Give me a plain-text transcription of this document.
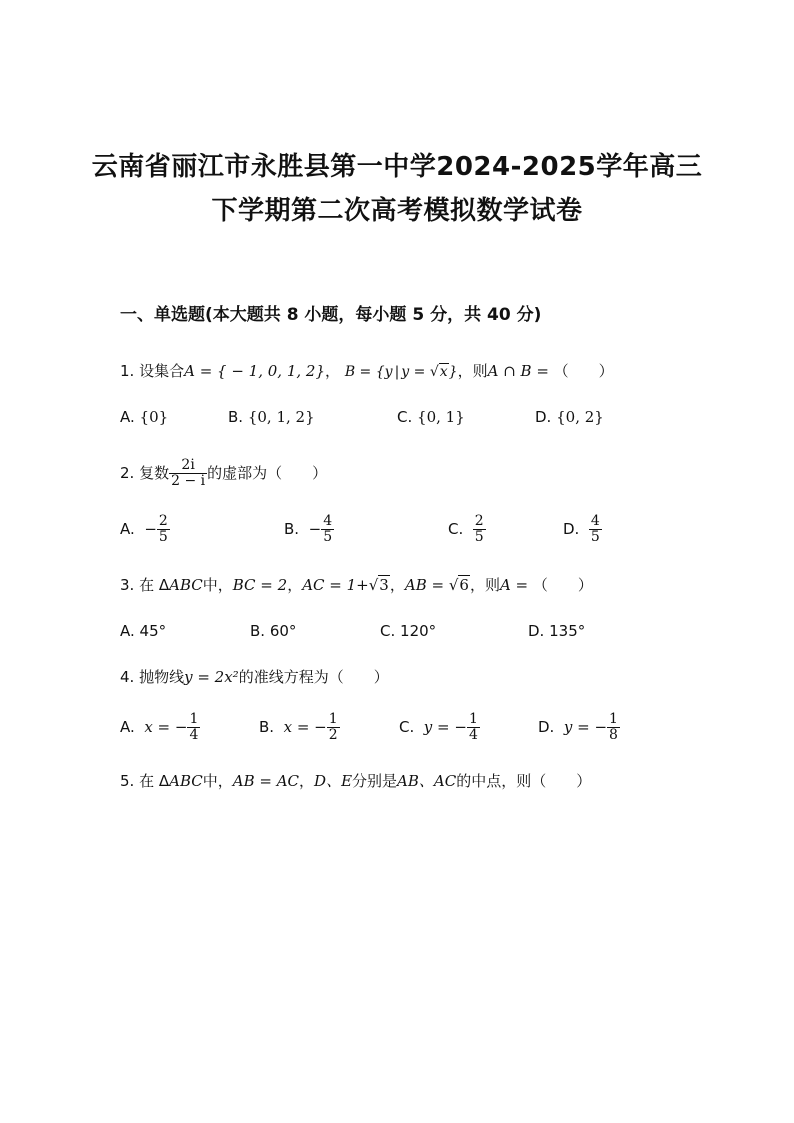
云南省丽江市永胜县第一中学2024-2025学年高三
下学期第二次高考模拟数学试卷
一、单选题(本大题共 8 小题，每小题 5 分，共 40 分)
1. 设集合A = { − 1, 0, 1, 2}， B = {y | y = √x}，则A ∩ B = （　　）
A. {0}	B. {0, 1, 2}	C. {0, 1}	D. {0, 2}
2. 复数 $\frac{2i}{2 - i}$ 的虚部为（　　）
A. − $\frac{2}{5}$	B. − $\frac{4}{5}$	C. $\frac{2}{5}$	D. $\frac{4}{5}$
3. 在 ΔABC中，BC = 2，AC = 1+√3，AB = √6，则A = （　　）
A. 45°	B. 60°	C. 120°	D. 135°
4. 抛物线y = 2x²的准线方程为（　　）
A. x = − $\frac{1}{4}$	B. x = − $\frac{1}{2}$	C. y = − $\frac{1}{4}$	D. y = − $\frac{1}{8}$
5. 在 ΔABC中，AB = AC，D、E分别是AB、AC的中点，则（　　）
